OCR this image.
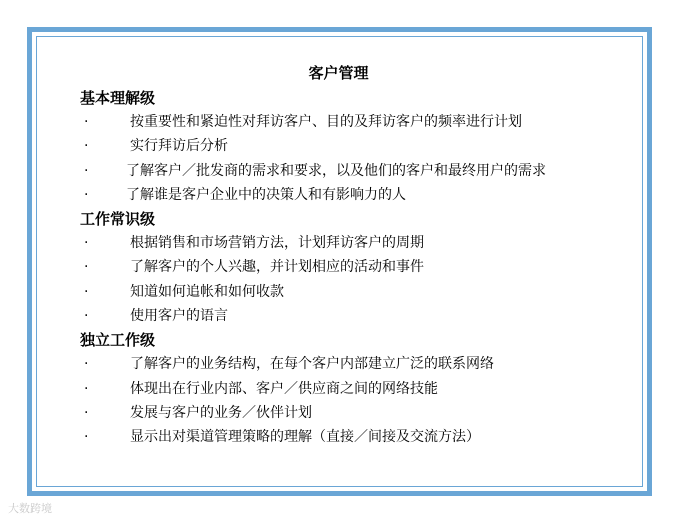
客户管理
基本理解级
·	按重要性和紧迫性对拜访客户、目的及拜访客户的频率进行计划
·	实行拜访后分析
·	了解客户／批发商的需求和要求，以及他们的客户和最终用户的需求
·	了解谁是客户企业中的决策人和有影响力的人
工作常识级
·	根据销售和市场营销方法，计划拜访客户的周期
·	了解客户的个人兴趣，并计划相应的活动和事件
·	知道如何追帐和如何收款
·	使用客户的语言
独立工作级
·	了解客户的业务结构，在每个客户内部建立广泛的联系网络
·	体现出在行业内部、客户／供应商之间的网络技能
·	发展与客户的业务／伙伴计划
·	显示出对渠道管理策略的理解（直接／间接及交流方法）
大数跨境
